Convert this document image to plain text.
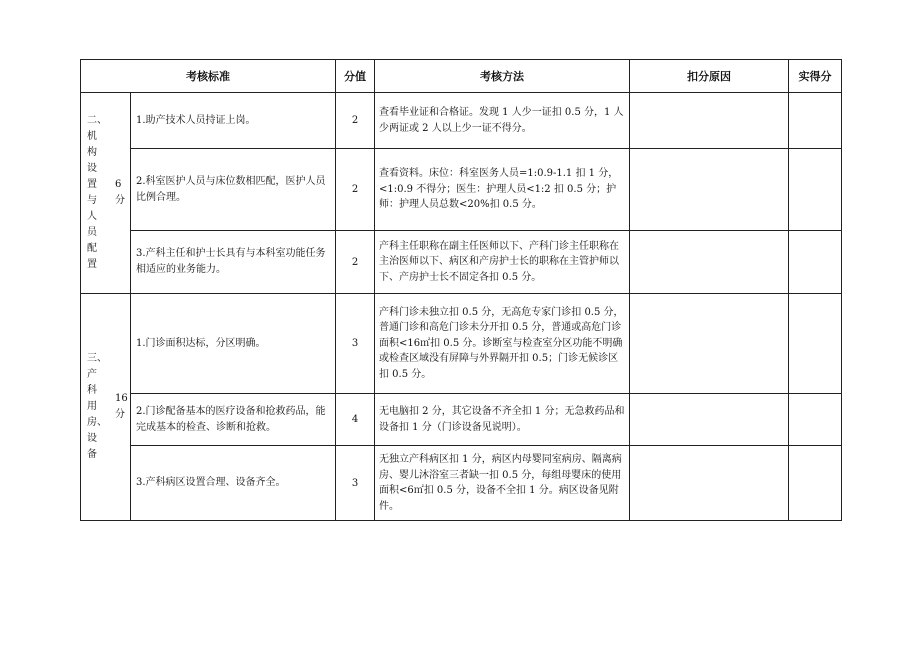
考核标准		分值	考核方法	扣分原因	实得分

二、机构设置与人员配置
6
分	1.助产技术人员持证上岗。	2	查看毕业证和合格证。发现 1 人少一证扣 0.5 分，1 人少两证或 2 人以上少一证不得分。		
	2.科室医护人员与床位数相匹配，医护人员比例合理。	2	查看资料。床位：科室医务人员=1:0.9-1.1 扣 1 分，<1:0.9 不得分；医生：护理人员<1:2 扣 0.5 分；护师：护理人员总数<20%扣 0.5 分。		
	3.产科主任和护士长具有与本科室功能任务相适应的业务能力。	2	产科主任职称在副主任医师以下、产科门诊主任职称在主治医师以下、病区和产房护士长的职称在主管护师以下、产房护士长不固定各扣 0.5 分。		

三、产科用房、设备
16
分	1.门诊面积达标，分区明确。	3	产科门诊未独立扣 0.5 分，无高危专家门诊扣 0.5 分，普通门诊和高危门诊未分开扣 0.5 分，普通或高危门诊面积<16㎡扣 0.5 分。诊断室与检查室分区功能不明确或检查区域没有屏障与外界隔开扣 0.5；门诊无候诊区扣 0.5 分。		
	2.门诊配备基本的医疗设备和抢救药品，能完成基本的检查、诊断和抢救。	4	无电脑扣 2 分，其它设备不齐全扣 1 分；无急救药品和设备扣 1 分（门诊设备见说明）。		
	3.产科病区设置合理、设备齐全。	3	无独立产科病区扣 1 分，病区内母婴同室病房、隔离病房、婴儿沐浴室三者缺一扣 0.5 分，每组母婴床的使用面积<6㎡扣 0.5 分，设备不全扣 1 分。病区设备见附件。		
